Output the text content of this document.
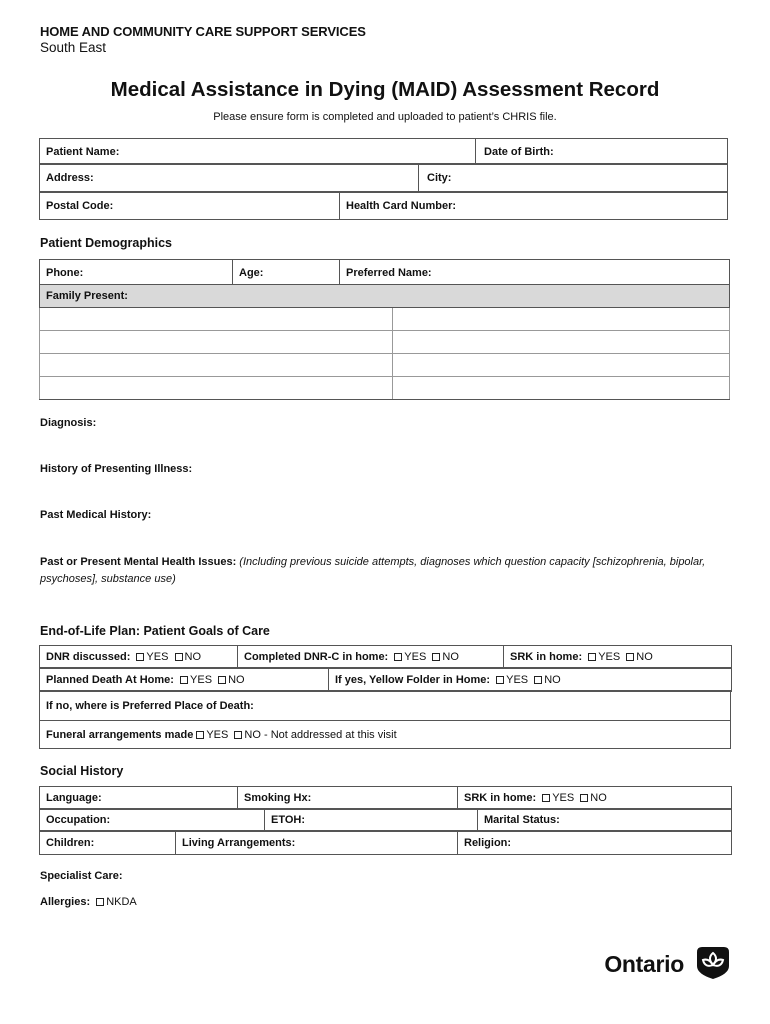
HOME AND COMMUNITY CARE SUPPORT SERVICES
South East
Medical Assistance in Dying (MAID) Assessment Record
Please ensure form is completed and uploaded to patient’s CHRIS file.
Patient Name:	Date of Birth:
Address:	City:
Postal Code:	Health Card Number:
Patient Demographics
Phone:	Age:	Preferred Name:
Family Present:	

Diagnosis:
History of Presenting Illness:
Past Medical History:
Past or Present Mental Health Issues: (Including previous suicide attempts, diagnoses which question capacity [schizophrenia, bipolar, psychoses], substance use)
End-of-Life Plan: Patient Goals of Care
DNR discussed: YES NO	Completed DNR-C in home: YES NO	SRK in home: YES NO
Planned Death At Home: YES NO	If yes, Yellow Folder in Home: YES NO
If no, where is Preferred Place of Death:
Funeral arrangements made YES NO - Not addressed at this visit
Social History
Language:	Smoking Hx:	SRK in home: YES NO
Occupation:	ETOH:	Marital Status:
Children:	Living Arrangements:	Religion:
Specialist Care:
Allergies: NKDA
Ontario
